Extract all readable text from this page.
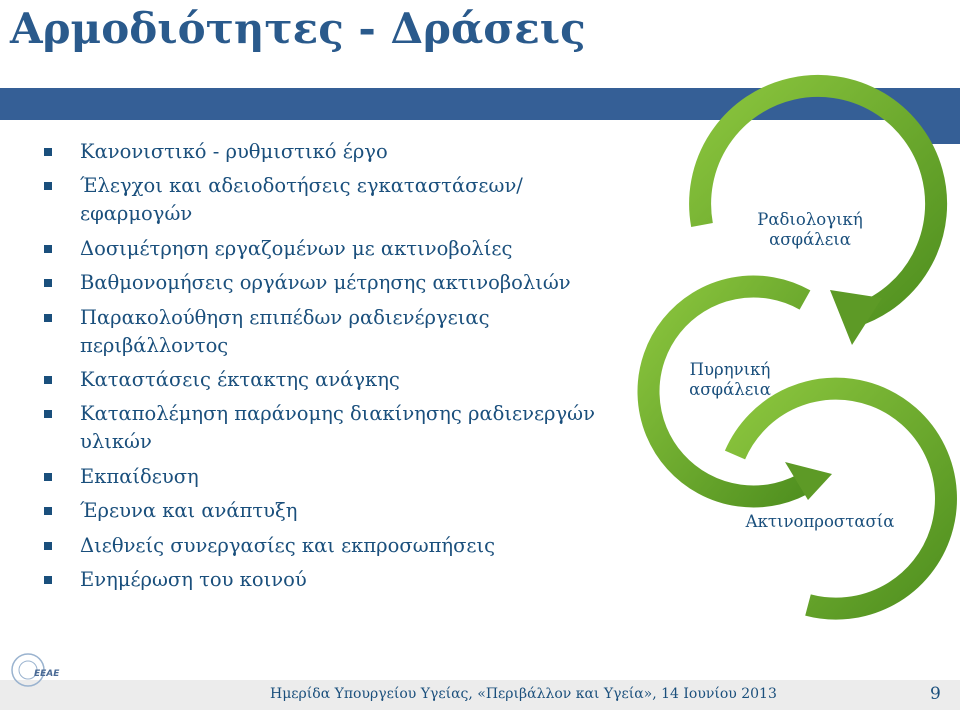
Αρμοδιότητες - Δράσεις
Κανονιστικό - ρυθμιστικό έργο
Έλεγχοι και αδειοδοτήσεις εγκαταστάσεων/εφαρμογών
Δοσιμέτρηση εργαζομένων με ακτινοβολίες
Βαθμονομήσεις οργάνων μέτρησης ακτινοβολιών
Παρακολούθηση επιπέδων ραδιενέργειας περιβάλλοντος
Καταστάσεις έκτακτης ανάγκης
Καταπολέμηση παράνομης διακίνησης ραδιενεργών υλικών
Εκπαίδευση
Έρευνα και ανάπτυξη
Διεθνείς συνεργασίες και εκπροσωπήσεις
Ενημέρωση του κοινού
Ραδιολογική
ασφάλεια
Πυρηνική
ασφάλεια
Ακτινοπροστασία
ΕΕΑΕ
Ημερίδα Υπουργείου Υγείας, «Περιβάλλον και Υγεία», 14 Ιουνίου 2013	9
